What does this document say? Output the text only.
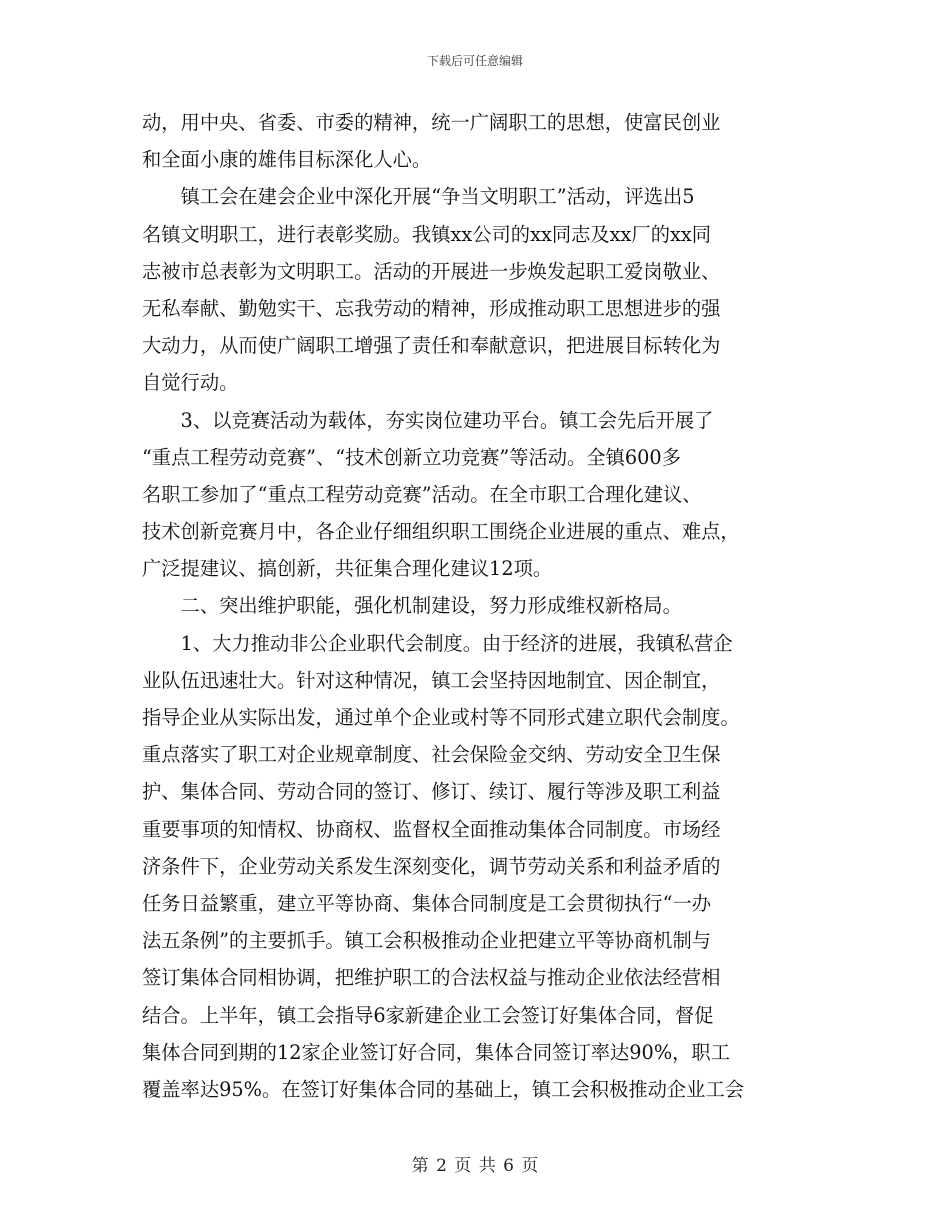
下载后可任意编辑
动，用中央、省委、市委的精神，统一广阔职工的思想，使富民创业
和全面小康的雄伟目标深化人心。
　　镇工会在建会企业中深化开展“争当文明职工”活动，评选出5
名镇文明职工，进行表彰奖励。我镇xx公司的xx同志及xx厂的xx同
志被市总表彰为文明职工。活动的开展进一步焕发起职工爱岗敬业、
无私奉献、勤勉实干、忘我劳动的精神，形成推动职工思想进步的强
大动力，从而使广阔职工增强了责任和奉献意识，把进展目标转化为
自觉行动。
　　3、以竞赛活动为载体，夯实岗位建功平台。镇工会先后开展了
“重点工程劳动竞赛”、“技术创新立功竞赛”等活动。全镇600多
名职工参加了“重点工程劳动竞赛”活动。在全市职工合理化建议、
技术创新竞赛月中，各企业仔细组织职工围绕企业进展的重点、难点，
广泛提建议、搞创新，共征集合理化建议12项。
　　二、突出维护职能，强化机制建设，努力形成维权新格局。
　　1、大力推动非公企业职代会制度。由于经济的进展，我镇私营企
业队伍迅速壮大。针对这种情况，镇工会坚持因地制宜、因企制宜，
指导企业从实际出发，通过单个企业或村等不同形式建立职代会制度。
重点落实了职工对企业规章制度、社会保险金交纳、劳动安全卫生保
护、集体合同、劳动合同的签订、修订、续订、履行等涉及职工利益
重要事项的知情权、协商权、监督权全面推动集体合同制度。市场经
济条件下，企业劳动关系发生深刻变化，调节劳动关系和利益矛盾的
任务日益繁重，建立平等协商、集体合同制度是工会贯彻执行“一办
法五条例”的主要抓手。镇工会积极推动企业把建立平等协商机制与
签订集体合同相协调，把维护职工的合法权益与推动企业依法经营相
结合。上半年，镇工会指导6家新建企业工会签订好集体合同，督促
集体合同到期的12家企业签订好合同，集体合同签订率达90%，职工
覆盖率达95%。在签订好集体合同的基础上，镇工会积极推动企业工会
第 2 页 共 6 页
